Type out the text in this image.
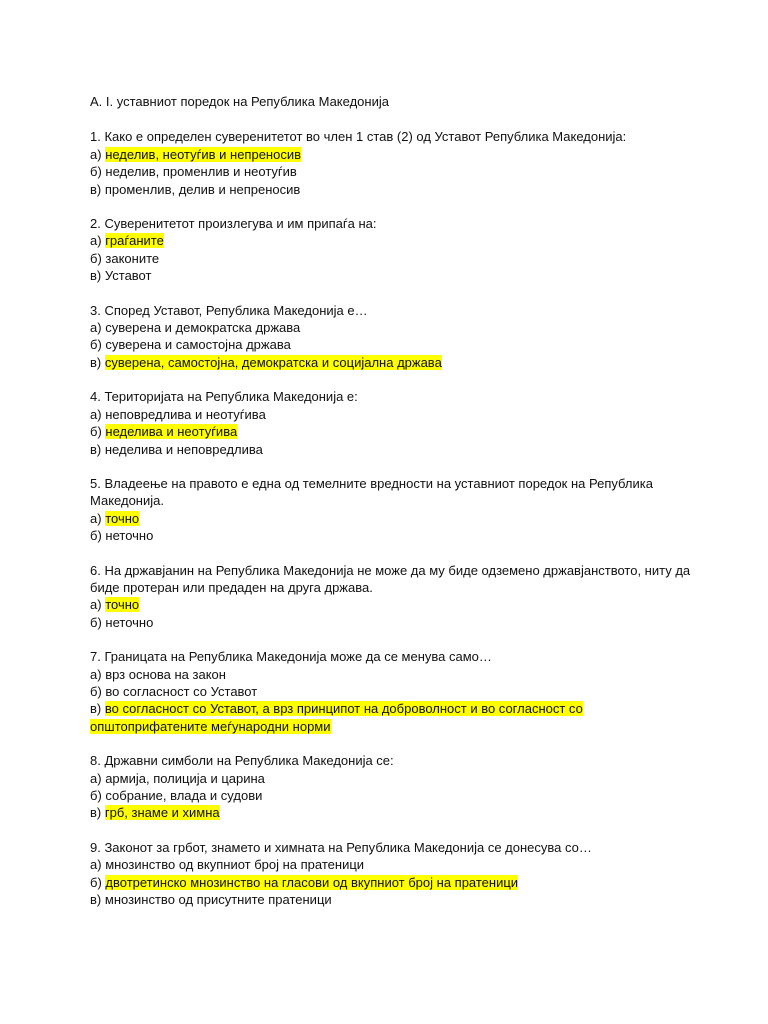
А. I. уставниот поредок на Република Македонија
1. Како е определен суверенитетот во член 1 став (2) од Уставот Република Македонија:
а) неделив, неотуѓив и непреносив
б) неделив, променлив и неотуѓив
в) променлив, делив и непреносив
2. Суверенитетот произлегува и им припаѓа на:
а) граѓаните
б) законите
в) Уставот
3. Според Уставот, Република Македонија е…
а) суверена и демократска држава
б) суверена и самостојна држава
в) суверена, самостојна, демократска и социјална држава
4. Територијата на Република Македонија е:
а) неповредлива и неотуѓива
б) неделива и неотуѓива
в) неделива и неповредлива
5. Владеење на правото е една од темелните вредности на уставниот поредок на Република Македонија.
а) точно
б) неточно
6. На државјанин на Република Македонија не може да му биде одземено државјанството, ниту да биде протеран или предаден на друга држава.
а) точно
б) неточно
7. Границата на Република Македонија може да се менува само…
а) врз основа на закон
б) во согласност со Уставот
в) во согласност со Уставот, а врз принципот на доброволност и во согласност со општоприфатените меѓународни норми
8. Државни симболи на Република Македонија се:
а) армија, полиција и царина
б) собрание, влада и судови
в) грб, знаме и химна
9. Законот за грбот, знамето и химната на Република Македонија се донесува со…
а) мнозинство од вкупниот број на пратеници
б) двотретинско мнозинство на гласови од вкупниот број на пратеници
в) мнозинство од присутните пратеници
